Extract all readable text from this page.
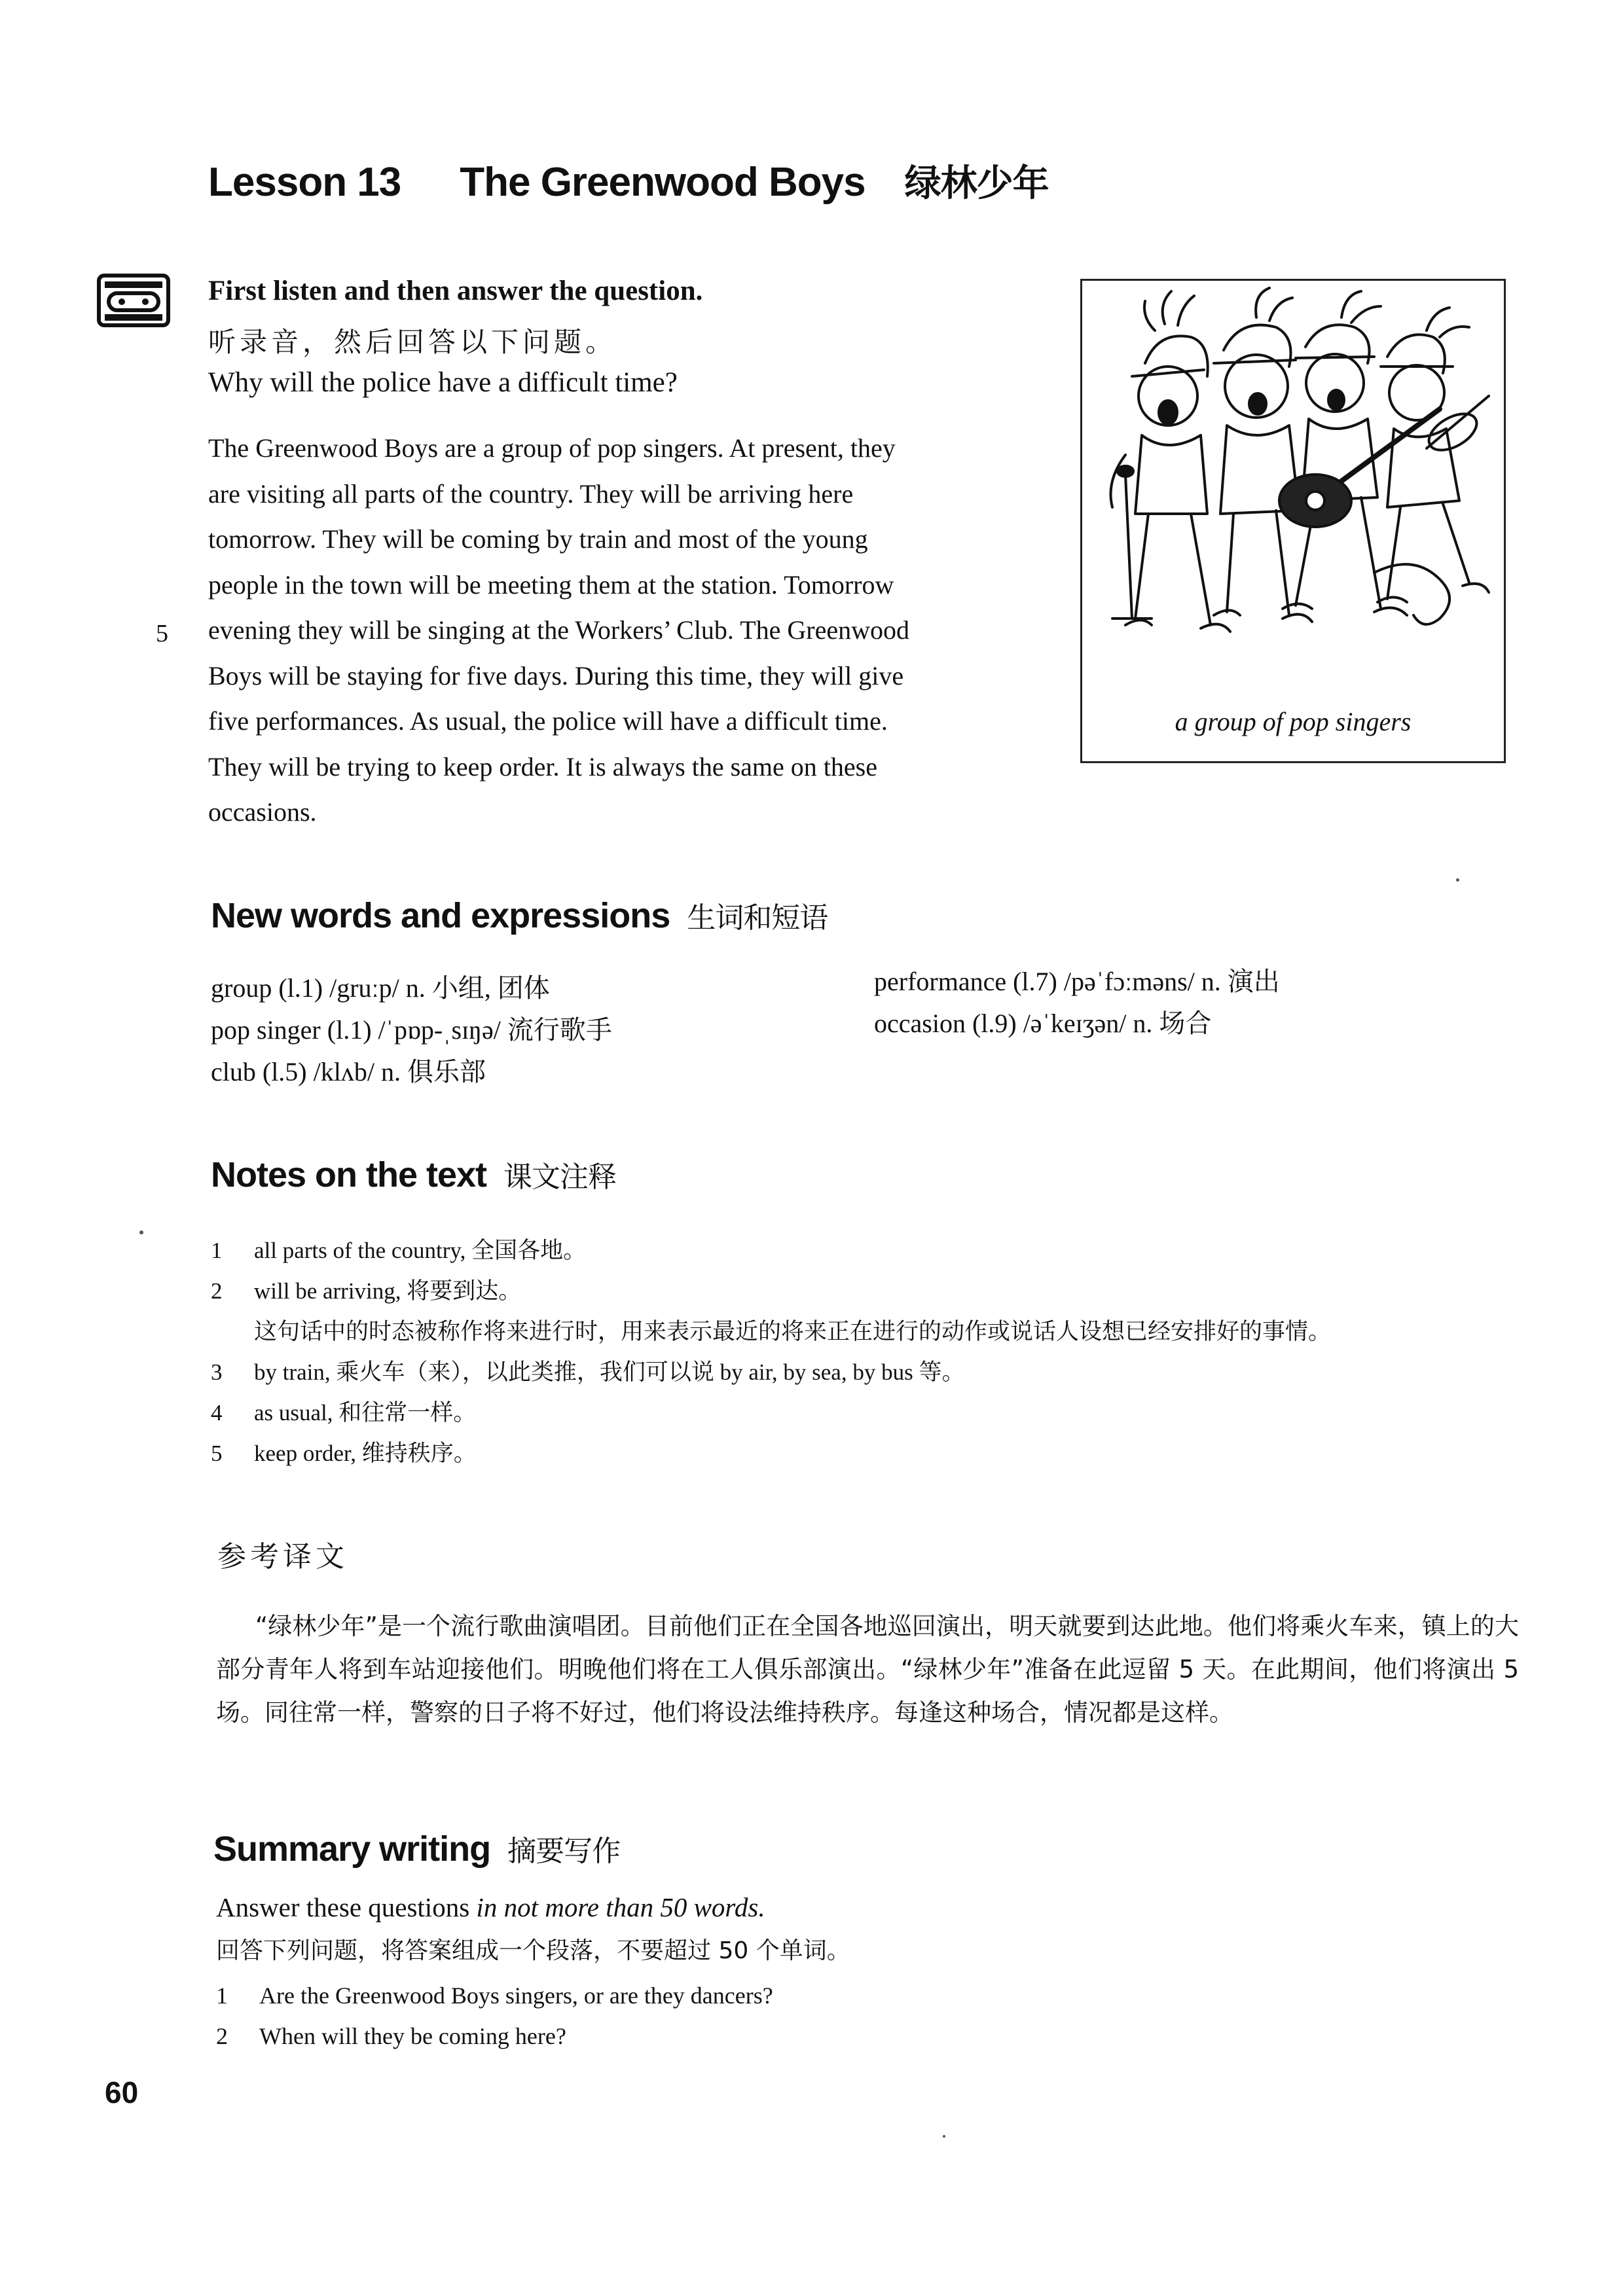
Lesson 13 The Greenwood Boys 绿林少年
First listen and then answer the question.
听录音，然后回答以下问题。
Why will the police have a difficult time?

The Greenwood Boys are a group of pop singers. At present, they

are visiting all parts of the country. They will be arriving here

tomorrow. They will be coming by train and most of the young

people in the town will be meeting them at the station. Tomorrow

evening they will be singing at the Workers’ Club. The Greenwood

Boys will be staying for five days. During this time, they will give

five performances. As usual, the police will have a difficult time.

They will be trying to keep order. It is always the same on these

occasions.

5
a group of pop singers
New words and expressions 生词和短语
group (l.1) /gruːp/ n. 小组, 团体
pop singer (l.1) /ˈpɒp-ˌsɪŋə/ 流行歌手
club (l.5) /klʌb/ n. 俱乐部
performance (l.7) /pəˈfɔːməns/ n. 演出
occasion (l.9) /əˈkeɪʒən/ n. 场合
Notes on the text 课文注释
1	all parts of the country, 全国各地。
2	will be arriving, 将要到达。
这句话中的时态被称作将来进行时，用来表示最近的将来正在进行的动作或说话人设想已经安排好的事情。
3	by train, 乘火车（来），以此类推，我们可以说 by air, by sea, by bus 等。
4	as usual, 和往常一样。
5	keep order, 维持秩序。
参考译文
“绿林少年”是一个流行歌曲演唱团。目前他们正在全国各地巡回演出，明天就要到达此地。他们将乘火车来，镇上的大部分青年人将到车站迎接他们。明晚他们将在工人俱乐部演出。“绿林少年”准备在此逗留 5 天。在此期间，他们将演出 5 场。同往常一样，警察的日子将不好过，他们将设法维持秩序。每逢这种场合，情况都是这样。
Summary writing 摘要写作
Answer these questions in not more than 50 words.
回答下列问题，将答案组成一个段落，不要超过 50 个单词。
1 Are the Greenwood Boys singers, or are they dancers?
2 When will they be coming here?
60
